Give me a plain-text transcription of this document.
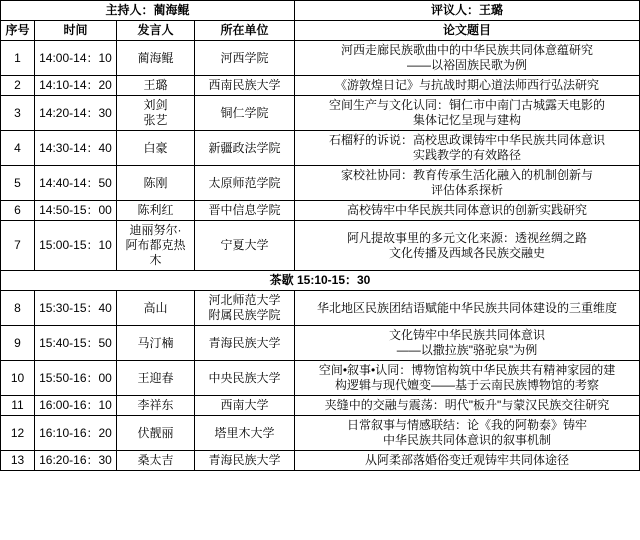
主持人：蔺海鲲				评议人：王璐
序号	时间	发言人	所在单位	论文题目
1	14:00-14：10	蔺海鲲	河西学院	河西走廊民族歌曲中的中华民族共同体意蕴研究
——以裕固族民歌为例
2	14:10-14：20	王璐	西南民族大学	《游敦煌日记》与抗战时期心道法师西行弘法研究
3	14:20-14：30	刘剑
张艺	铜仁学院	空间生产与文化认同：铜仁市中南门古城露天电影的
集体记忆呈现与建构
4	14:30-14：40	白豪	新疆政法学院	石榴籽的诉说：高校思政课铸牢中华民族共同体意识
实践教学的有效路径
5	14:40-14：50	陈刚	太原师范学院	家校社协同：教育传承生活化融入的机制创新与
评估体系探析
6	14:50-15：00	陈利红	晋中信息学院	高校铸牢中华民族共同体意识的创新实践研究
7	15:00-15：10	迪丽努尔·
阿布都克热木	宁夏大学	阿凡提故事里的多元文化来源：透视丝绸之路
文化传播及西域各民族交融史
茶歇 15:10-15：30				
8	15:30-15：40	高山	河北师范大学
附属民族学院	华北地区民族团结语赋能中华民族共同体建设的三重维度
9	15:40-15：50	马汀楠	青海民族大学	文化铸牢中华民族共同体意识
——以撒拉族"骆驼泉"为例
10	15:50-16：00	王迎春	中央民族大学	空间•叙事•认同：博物馆构筑中华民族共有精神家园的建
构逻辑与现代嬗变——基于云南民族博物馆的考察
11	16:00-16：10	李祥东	西南大学	夹缝中的交融与震荡：明代"板升"与蒙汉民族交往研究
12	16:10-16：20	伏靓丽	塔里木大学	日常叙事与情感联结：论《我的阿勒泰》铸牢
中华民族共同体意识的叙事机制
13	16:20-16：30	桑太吉	青海民族大学	从阿柔部落婚俗变迁观铸牢共同体途径
